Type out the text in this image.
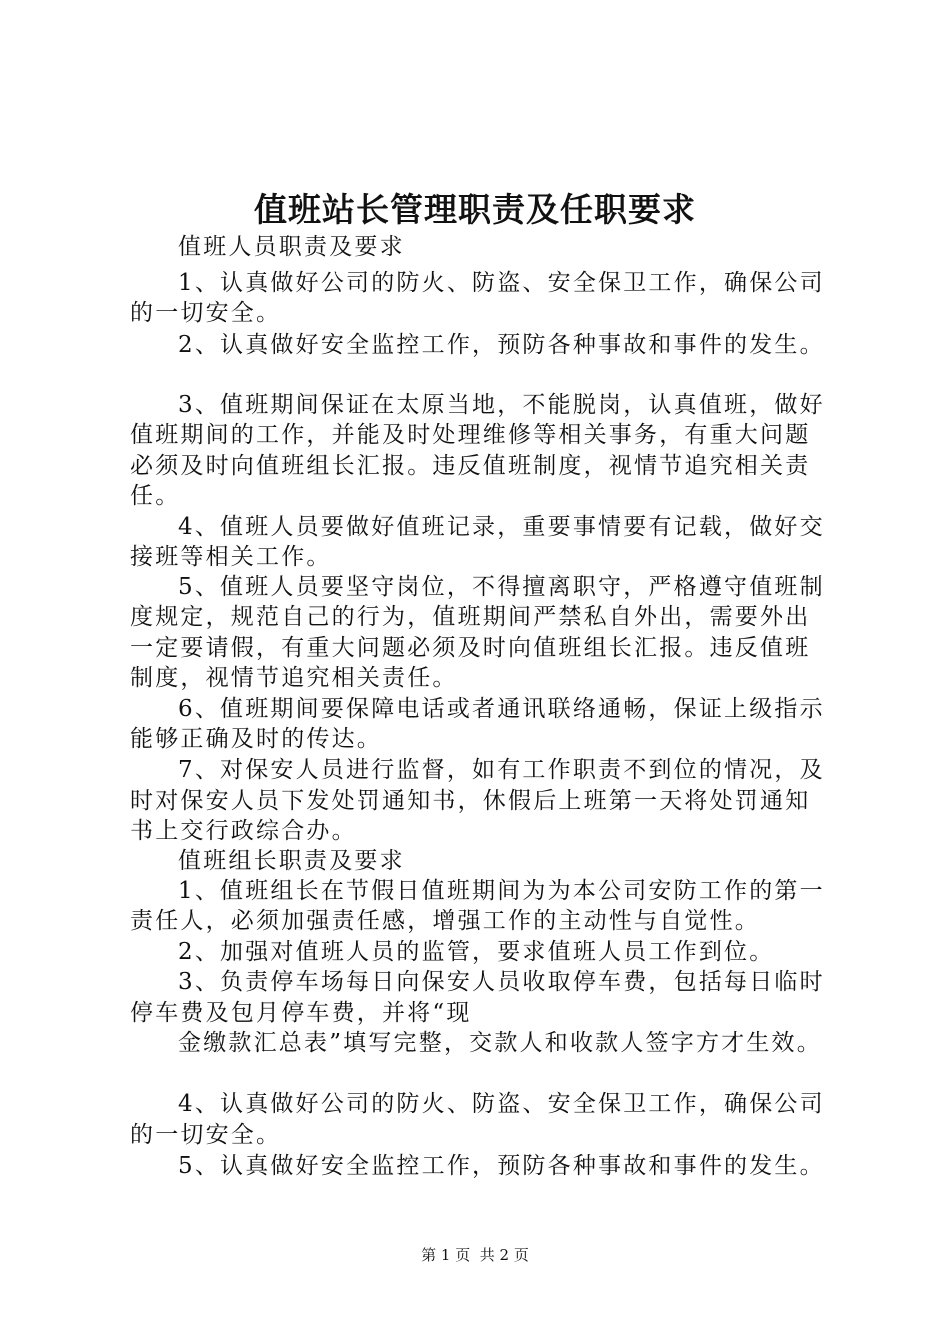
值班站长管理职责及任职要求
值班人员职责及要求
1、认真做好公司的防火、防盗、安全保卫工作，确保公司
的一切安全。
2、认真做好安全监控工作，预防各种事故和事件的发生。
3、值班期间保证在太原当地，不能脱岗，认真值班，做好
值班期间的工作，并能及时处理维修等相关事务，有重大问题
必须及时向值班组长汇报。违反值班制度，视情节追究相关责
任。
4、值班人员要做好值班记录，重要事情要有记载，做好交
接班等相关工作。
5、值班人员要坚守岗位，不得擅离职守，严格遵守值班制
度规定，规范自己的行为，值班期间严禁私自外出，需要外出
一定要请假，有重大问题必须及时向值班组长汇报。违反值班
制度，视情节追究相关责任。
6、值班期间要保障电话或者通讯联络通畅，保证上级指示
能够正确及时的传达。
7、对保安人员进行监督，如有工作职责不到位的情况，及
时对保安人员下发处罚通知书，休假后上班第一天将处罚通知
书上交行政综合办。
值班组长职责及要求
1、值班组长在节假日值班期间为为本公司安防工作的第一
责任人，必须加强责任感，增强工作的主动性与自觉性。
2、加强对值班人员的监管，要求值班人员工作到位。
3、负责停车场每日向保安人员收取停车费，包括每日临时
停车费及包月停车费，并将“现
金缴款汇总表”填写完整，交款人和收款人签字方才生效。
4、认真做好公司的防火、防盗、安全保卫工作，确保公司
的一切安全。
5、认真做好安全监控工作，预防各种事故和事件的发生。
第 1 页  共 2 页
